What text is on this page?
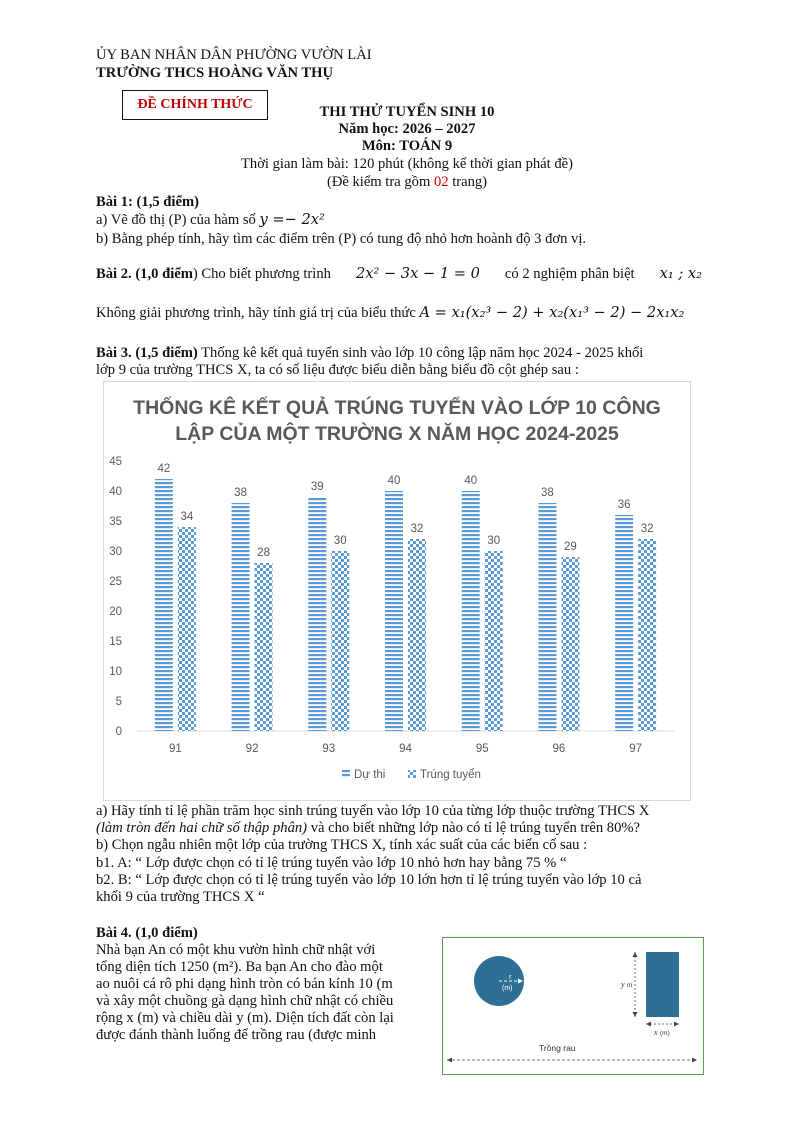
ỦY BAN NHÂN DÂN PHƯỜNG VƯỜN LÀI
TRƯỜNG THCS HOÀNG VĂN THỤ
ĐỀ CHÍNH THỨC	THI THỬ TUYỂN SINH 10
Năm học: 2026 – 2027
Môn: TOÁN 9
Thời gian làm bài: 120 phút (không kể thời gian phát đề)
(Đề kiểm tra gồm 02 trang)
Bài 1: (1,5 điểm)
a) Vẽ đồ thị (P) của hàm số y =− 2x²
b) Bằng phép tính, hãy tìm các điểm trên (P) có tung độ nhỏ hơn hoành độ 3 đơn vị.
Bài 2. (1,0 điểm) Cho biết phương trình 2x² − 3x − 1 = 0 có 2 nghiệm phân biệt x₁ ; x₂
Không giải phương trình, hãy tính giá trị của biểu thức A = x₁(x₂³ − 2) + x₂(x₁³ − 2) − 2x₁x₂
Bài 3. (1,5 điểm) Thống kê kết quả tuyển sinh vào lớp 10 công lập năm học 2024 - 2025 khối
lớp 9 của trường THCS X, ta có số liệu được biểu diễn bằng biểu đồ cột ghép sau :
THỐNG KÊ KẾT QUẢ TRÚNG TUYỂN VÀO LỚP 10 CÔNG
LẬP CỦA MỘT TRƯỜNG X NĂM HỌC 2024-2025
0
5
10
15
20
25
30
35
40
45
91
42
34
92
38
28
93
39
30
94
40
32
95
40
30
96
38
29
97
36
32
Dự thi	Trúng tuyển
a) Hãy tính tỉ lệ phần trăm học sinh trúng tuyển vào lớp 10 của từng lớp thuộc trường THCS X
(làm tròn đến hai chữ số thập phân) và cho biết những lớp nào có tỉ lệ trúng tuyển trên 80%?
b) Chọn ngẫu nhiên một lớp của trường THCS X, tính xác suất của các biến cố sau :
b1. A: “ Lớp được chọn có tỉ lệ trúng tuyển vào lớp 10 nhỏ hơn hay bằng 75 % “
b2. B: “ Lớp được chọn có tỉ lệ trúng tuyển vào lớp 10 lớn hơn tỉ lệ trúng tuyển vào lớp 10 cả
khối 9 của trường THCS X “
Bài 4. (1,0 điểm)
Nhà bạn An có một khu vườn hình chữ nhật với
tổng diện tích 1250 (m²). Ba bạn An cho đào một
ao nuôi cá rô phi dạng hình tròn có bán kính 10 (m
và xây một chuồng gà dạng hình chữ nhật có chiều
rộng x (m) và chiều dài y (m). Diện tích đất còn lại
được đánh thành luống để trồng rau (được minh
r
(m)	y m
x (m)
Trồng rau
